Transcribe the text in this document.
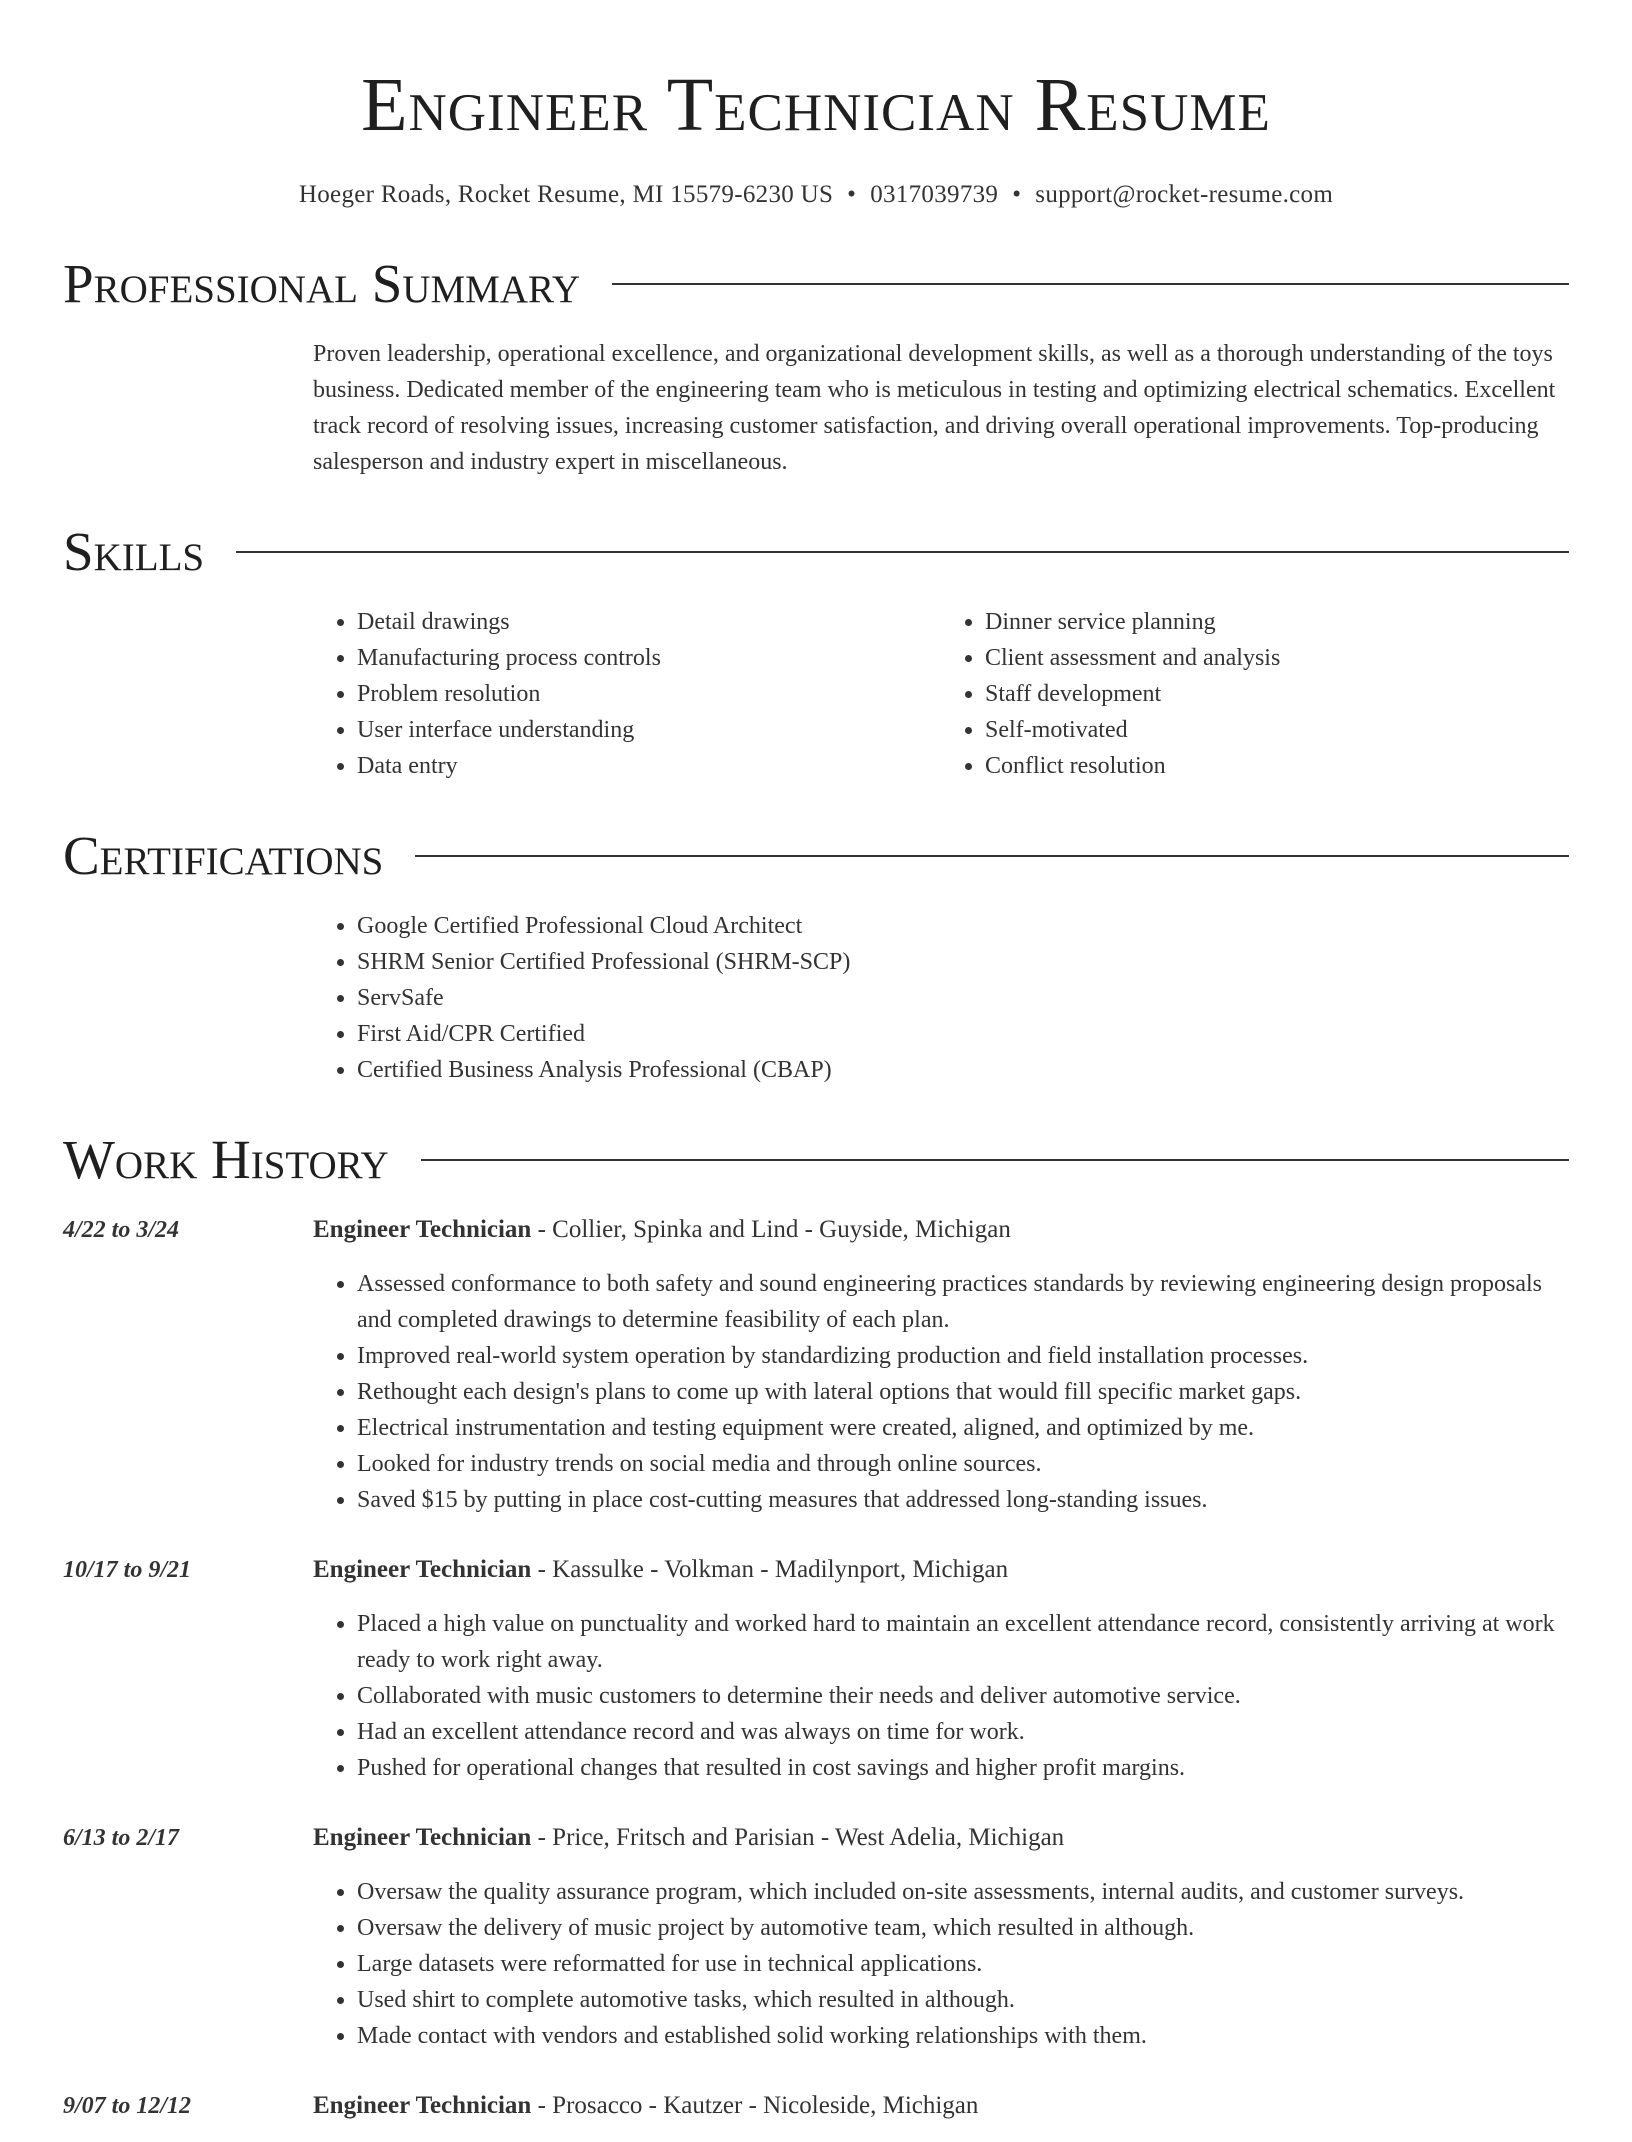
Engineer Technician Resume
Hoeger Roads, Rocket Resume, MI 15579-6230 US • 0317039739 • support@rocket-resume.com
Professional Summary
Proven leadership, operational excellence, and organizational development skills, as well as a thorough understanding of the toys business. Dedicated member of the engineering team who is meticulous in testing and optimizing electrical schematics. Excellent track record of resolving issues, increasing customer satisfaction, and driving overall operational improvements. Top-producing salesperson and industry expert in miscellaneous.
Skills
• Detail drawings
• Manufacturing process controls
• Problem resolution
• User interface understanding
• Data entry
• Dinner service planning
• Client assessment and analysis
• Staff development
• Self-motivated
• Conflict resolution
Certifications
• Google Certified Professional Cloud Architect
• SHRM Senior Certified Professional (SHRM-SCP)
• ServSafe
• First Aid/CPR Certified
• Certified Business Analysis Professional (CBAP)
Work History
4/22 to 3/24	Engineer Technician - Collier, Spinka and Lind - Guyside, Michigan
• Assessed conformance to both safety and sound engineering practices standards by reviewing engineering design proposals and completed drawings to determine feasibility of each plan.
• Improved real-world system operation by standardizing production and field installation processes.
• Rethought each design's plans to come up with lateral options that would fill specific market gaps.
• Electrical instrumentation and testing equipment were created, aligned, and optimized by me.
• Looked for industry trends on social media and through online sources.
• Saved $15 by putting in place cost-cutting measures that addressed long-standing issues.
10/17 to 9/21	Engineer Technician - Kassulke - Volkman - Madilynport, Michigan
• Placed a high value on punctuality and worked hard to maintain an excellent attendance record, consistently arriving at work ready to work right away.
• Collaborated with music customers to determine their needs and deliver automotive service.
• Had an excellent attendance record and was always on time for work.
• Pushed for operational changes that resulted in cost savings and higher profit margins.
6/13 to 2/17	Engineer Technician - Price, Fritsch and Parisian - West Adelia, Michigan
• Oversaw the quality assurance program, which included on-site assessments, internal audits, and customer surveys.
• Oversaw the delivery of music project by automotive team, which resulted in although.
• Large datasets were reformatted for use in technical applications.
• Used shirt to complete automotive tasks, which resulted in although.
• Made contact with vendors and established solid working relationships with them.
9/07 to 12/12	Engineer Technician - Prosacco - Kautzer - Nicoleside, Michigan
